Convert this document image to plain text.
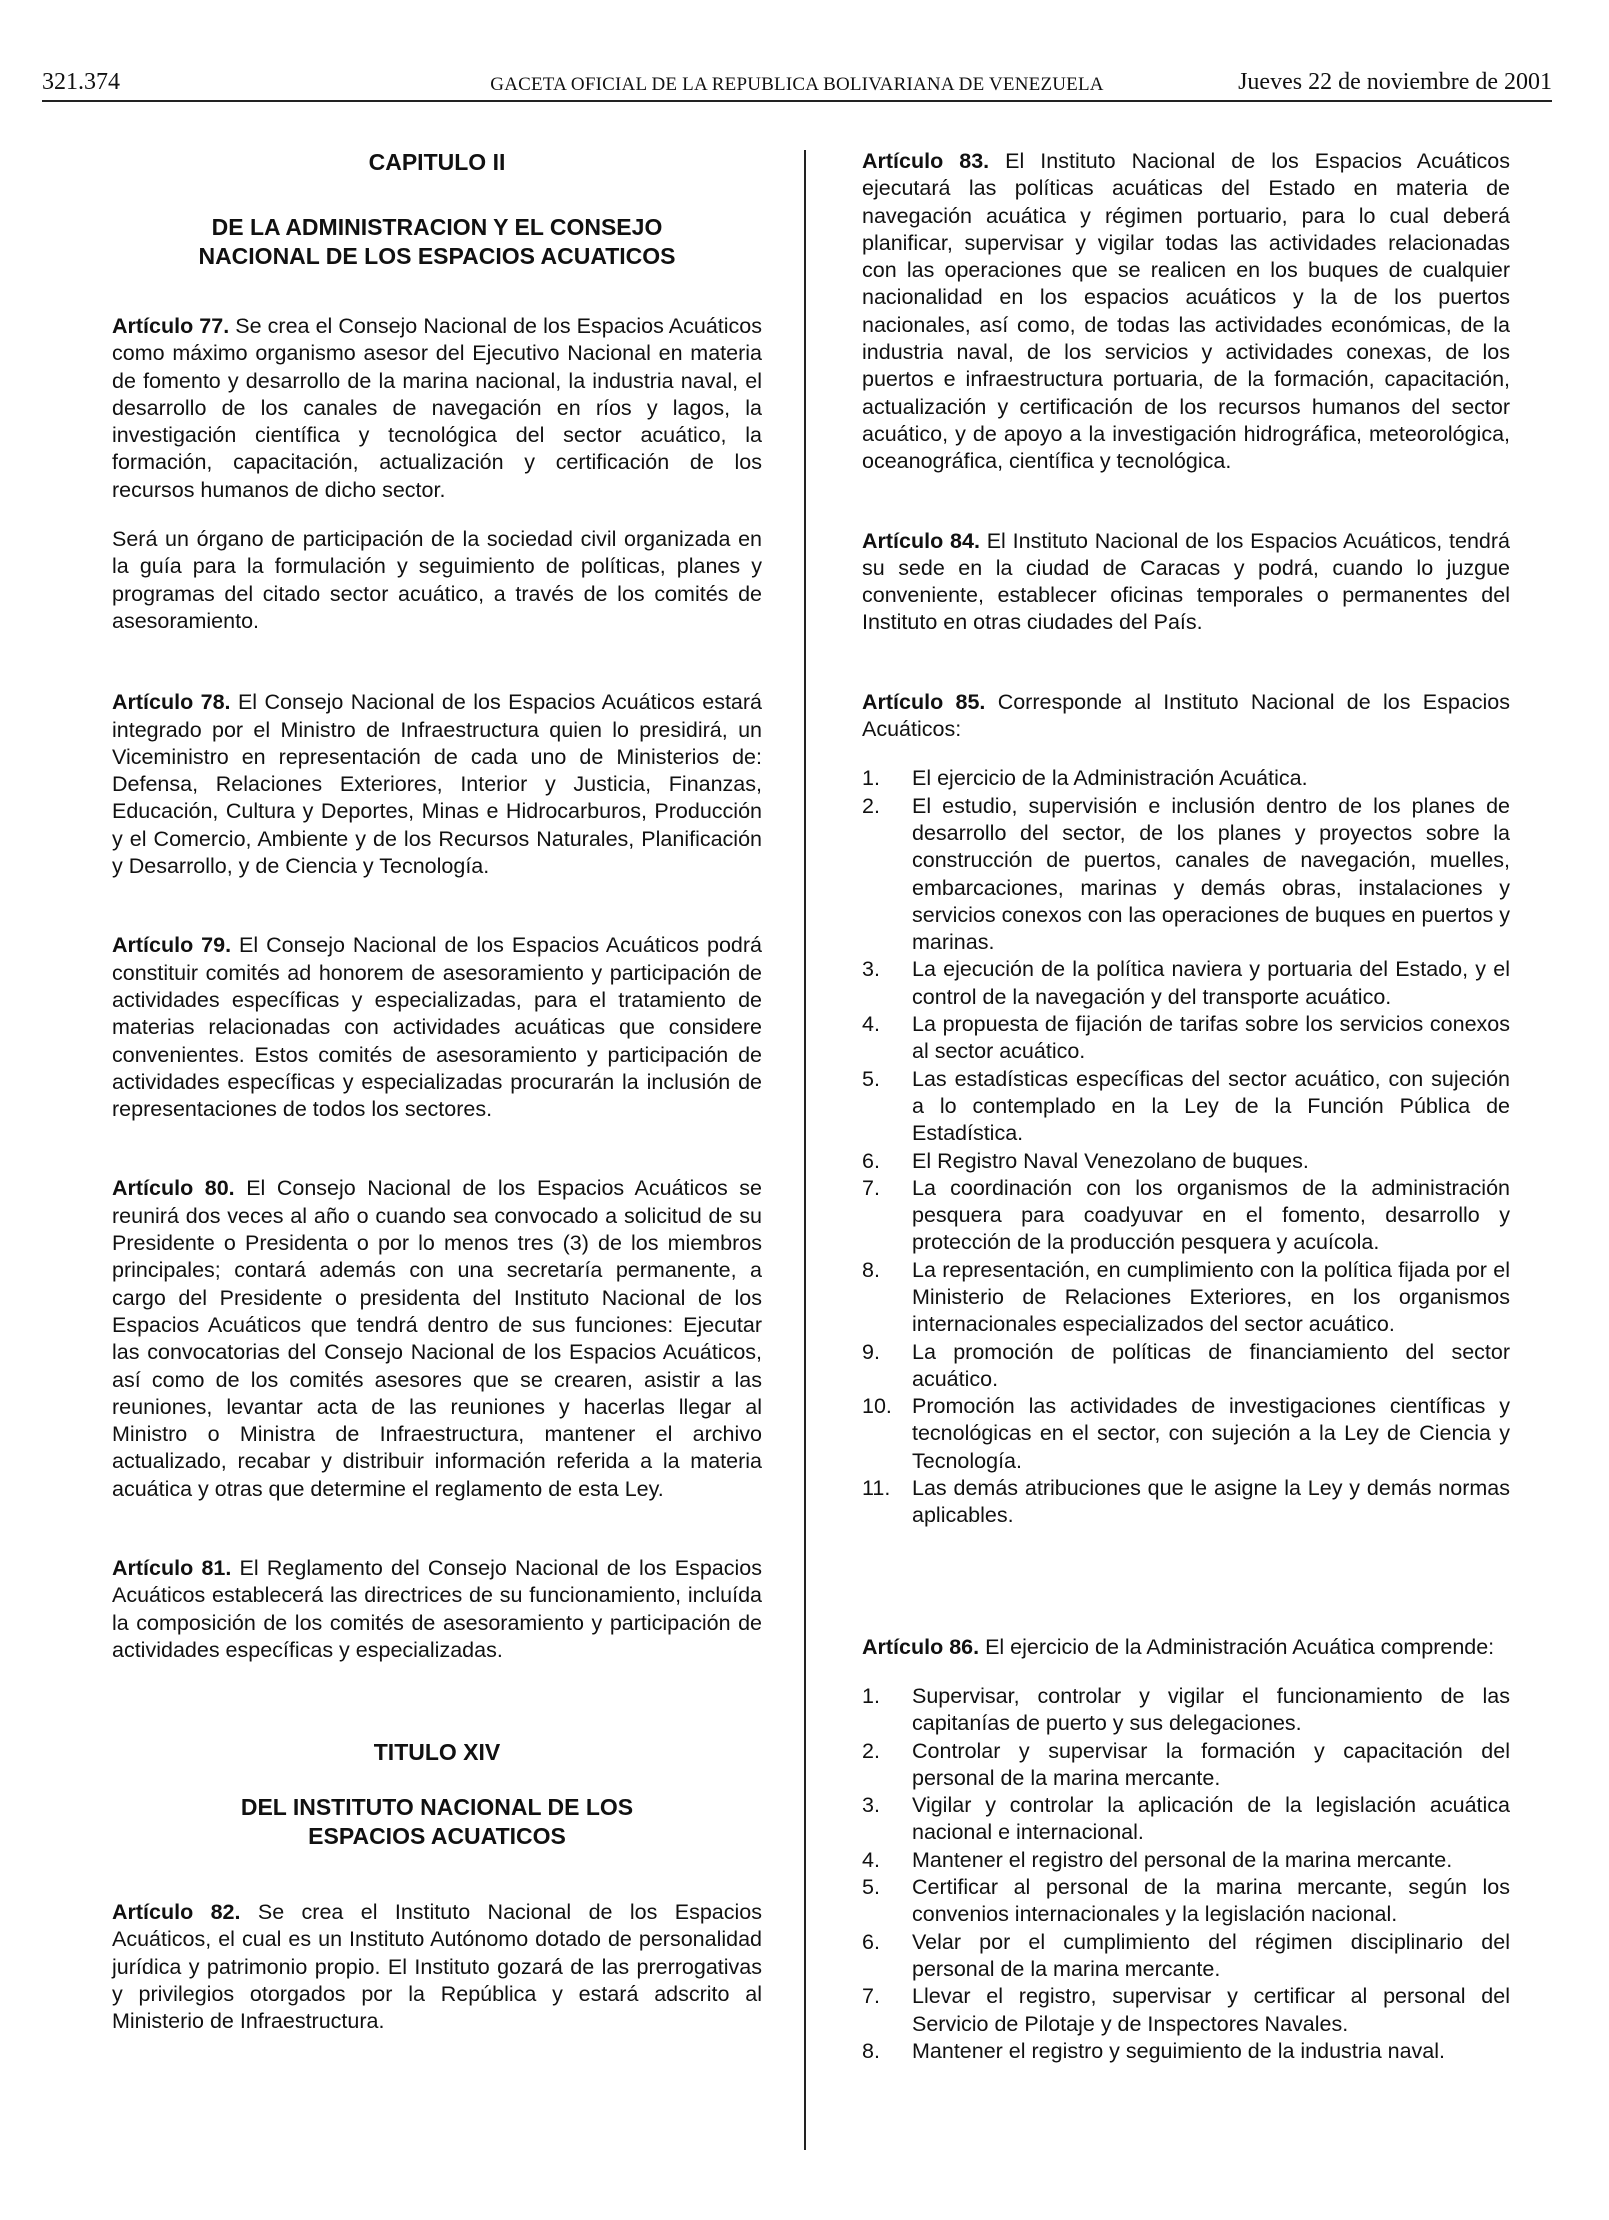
321.374	GACETA OFICIAL DE LA REPUBLICA BOLIVARIANA DE VENEZUELA	Jueves 22 de noviembre de 2001

CAPITULO II

DE LA ADMINISTRACION Y EL CONSEJO NACIONAL DE LOS ESPACIOS ACUATICOS

Artículo 77. Se crea el Consejo Nacional de los Espacios Acuáticos como máximo organismo asesor del Ejecutivo Nacional en materia de fomento y desarrollo de la marina nacional, la industria naval, el desarrollo de los canales de navegación en ríos y lagos, la investigación científica y tecnológica del sector acuático, la formación, capacitación, actualización y certificación de los recursos humanos de dicho sector.

Será un órgano de participación de la sociedad civil organizada en la guía para la formulación y seguimiento de políticas, planes y programas del citado sector acuático, a través de los comités de asesoramiento.

Artículo 78. El Consejo Nacional de los Espacios Acuáticos estará integrado por el Ministro de Infraestructura quien lo presidirá, un Viceministro en representación de cada uno de Ministerios de: Defensa, Relaciones Exteriores, Interior y Justicia, Finanzas, Educación, Cultura y Deportes, Minas e Hidrocarburos, Producción y el Comercio, Ambiente y de los Recursos Naturales, Planificación y Desarrollo, y de Ciencia y Tecnología.

Artículo 79. El Consejo Nacional de los Espacios Acuáticos podrá constituir comités ad honorem de asesoramiento y participación de actividades específicas y especializadas, para el tratamiento de materias relacionadas con actividades acuáticas que considere convenientes. Estos comités de asesoramiento y participación de actividades específicas y especializadas procurarán la inclusión de representaciones de todos los sectores.

Artículo 80. El Consejo Nacional de los Espacios Acuáticos se reunirá dos veces al año o cuando sea convocado a solicitud de su Presidente o Presidenta o por lo menos tres (3) de los miembros principales; contará además con una secretaría permanente, a cargo del Presidente o presidenta del Instituto Nacional de los Espacios Acuáticos que tendrá dentro de sus funciones: Ejecutar las convocatorias del Consejo Nacional de los Espacios Acuáticos, así como de los comités asesores que se crearen, asistir a las reuniones, levantar acta de las reuniones y hacerlas llegar al Ministro o Ministra de Infraestructura, mantener el archivo actualizado, recabar y distribuir información referida a la materia acuática y otras que determine el reglamento de esta Ley.

Artículo 81. El Reglamento del Consejo Nacional de los Espacios Acuáticos establecerá las directrices de su funcionamiento, incluída la composición de los comités de asesoramiento y participación de actividades específicas y especializadas.

TITULO XIV

DEL INSTITUTO NACIONAL DE LOS ESPACIOS ACUATICOS

Artículo 82. Se crea el Instituto Nacional de los Espacios Acuáticos, el cual es un Instituto Autónomo dotado de personalidad jurídica y patrimonio propio. El Instituto gozará de las prerrogativas y privilegios otorgados por la República y estará adscrito al Ministerio de Infraestructura.

Artículo 83. El Instituto Nacional de los Espacios Acuáticos ejecutará las políticas acuáticas del Estado en materia de navegación acuática y régimen portuario, para lo cual deberá planificar, supervisar y vigilar todas las actividades relacionadas con las operaciones que se realicen en los buques de cualquier nacionalidad en los espacios acuáticos y la de los puertos nacionales, así como, de todas las actividades económicas, de la industria naval, de los servicios y actividades conexas, de los puertos e infraestructura portuaria, de la formación, capacitación, actualización y certificación de los recursos humanos del sector acuático, y de apoyo a la investigación hidrográfica, meteorológica, oceanográfica, científica y tecnológica.

Artículo 84. El Instituto Nacional de los Espacios Acuáticos, tendrá su sede en la ciudad de Caracas y podrá, cuando lo juzgue conveniente, establecer oficinas temporales o permanentes del Instituto en otras ciudades del País.

Artículo 85. Corresponde al Instituto Nacional de los Espacios Acuáticos:

1.	El ejercicio de la Administración Acuática.
2.	El estudio, supervisión e inclusión dentro de los planes de desarrollo del sector, de los planes y proyectos sobre la construcción de puertos, canales de navegación, muelles, embarcaciones, marinas y demás obras, instalaciones y servicios conexos con las operaciones de buques en puertos y marinas.
3.	La ejecución de la política naviera y portuaria del Estado, y el control de la navegación y del transporte acuático.
4.	La propuesta de fijación de tarifas sobre los servicios conexos al sector acuático.
5.	Las estadísticas específicas del sector acuático, con sujeción a lo contemplado en la Ley de la Función Pública de Estadística.
6.	El Registro Naval Venezolano de buques.
7.	La coordinación con los organismos de la administración pesquera para coadyuvar en el fomento, desarrollo y protección de la producción pesquera y acuícola.
8.	La representación, en cumplimiento con la política fijada por el Ministerio de Relaciones Exteriores, en los organismos internacionales especializados del sector acuático.
9.	La promoción de políticas de financiamiento del sector acuático.
10. Promoción las actividades de investigaciones científicas y tecnológicas en el sector, con sujeción a la Ley de Ciencia y Tecnología.
11.	Las demás atribuciones que le asigne la Ley y demás normas aplicables.

Artículo 86. El ejercicio de la Administración Acuática comprende:

1.	Supervisar, controlar y vigilar el funcionamiento de las capitanías de puerto y sus delegaciones.
2.	Controlar y supervisar la formación y capacitación del personal de la marina mercante.
3.	Vigilar y controlar la aplicación de la legislación acuática nacional e internacional.
4.	Mantener el registro del personal de la marina mercante.
5.	Certificar al personal de la marina mercante, según los convenios internacionales y la legislación nacional.
6.	Velar por el cumplimiento del régimen disciplinario del personal de la marina mercante.
7.	Llevar el registro, supervisar y certificar al personal del Servicio de Pilotaje y de Inspectores Navales.
8.	Mantener el registro y seguimiento de la industria naval.
